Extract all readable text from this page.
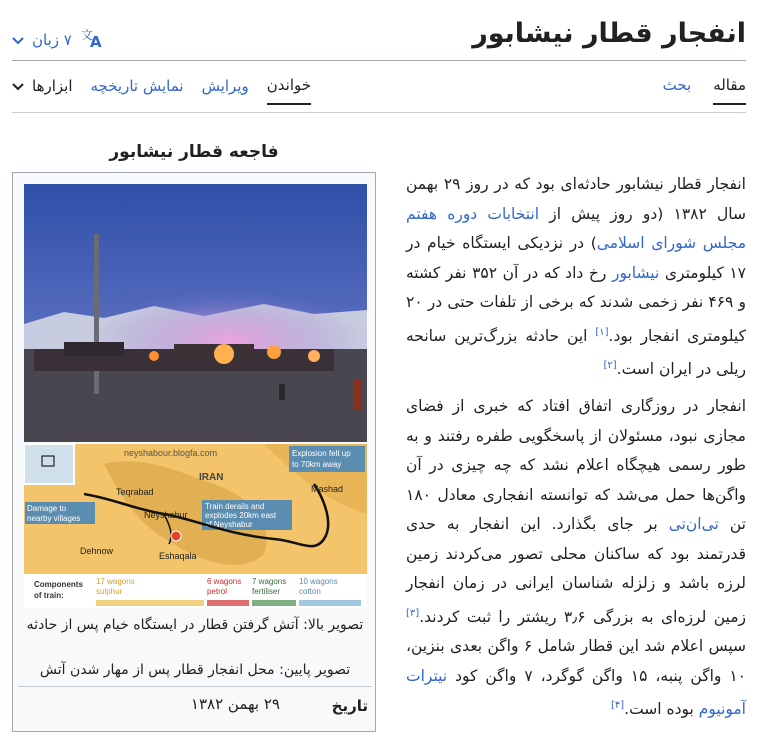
انفجار قطار نیشابور
۷ زبان 文
A
مقاله
بحث
خواندن
ویرایش
نمایش تاریخچه
ابزارها
فاجعه قطار نیشابور
neyshabour.blogfa.com
IRAN
Explosion felt up
to 70km away
Damage to
nearby villages
Train derails and
explodes 20km east
of Neyshabur
Teqrabad
Neyshabur
Mashad
Dehnow	Eshaqala
Components
of train:
17 wagons
sulphur
6 wagons
petrol
7 wagons
fertiliser
10 wagons
cotton
تصویر بالا: آتش گرفتن قطار در ایستگاه خیام پس از حادثه
تصویر پایین: محل انفجار قطار پس از مهار شدن آتش
تاریخ
۲۹ بهمن ۱۳۸۲

انفجار قطار نیشابور حادثه‌ای بود که در روز ۲۹ بهمن سال ۱۳۸۲ (دو روز پیش از انتخابات دوره هفتم مجلس شورای اسلامی) در نزدیکی ایستگاه خیام در ۱۷ کیلومتری نیشابور رخ داد که در آن ۳۵۲ نفر کشته و ۴۶۹ نفر زخمی شدند که برخی از تلفات حتی در ۲۰ کیلومتری انفجار بود.[۱] این حادثه بزرگ‌ترین سانحه ریلی در ایران است.[۲]

انفجار در روزگاری اتفاق افتاد که خبری از فضای مجازی نبود، مسئولان از پاسخگویی طفره رفتند و به طور رسمی هیچگاه اعلام نشد که چه چیزی در آن واگن‌ها حمل می‌شد که توانسته انفجاری معادل ۱۸۰ تن تی‌ان‌تی بر جای بگذارد. این انفجار به حدی قدرتمند بود که ساکنان محلی تصور می‌کردند زمین لرزه باشد و زلزله شناسان ایرانی در زمان انفجار زمین لرزه‌ای به بزرگی ۳٫۶ ریشتر را ثبت کردند.[۳] سپس اعلام شد این قطار شامل ۶ واگن بعدی بنزین، ۱۰ واگن پنبه، ۱۵ واگن گوگرد، ۷ واگن کود نیترات آمونیوم بوده است.[۴]
